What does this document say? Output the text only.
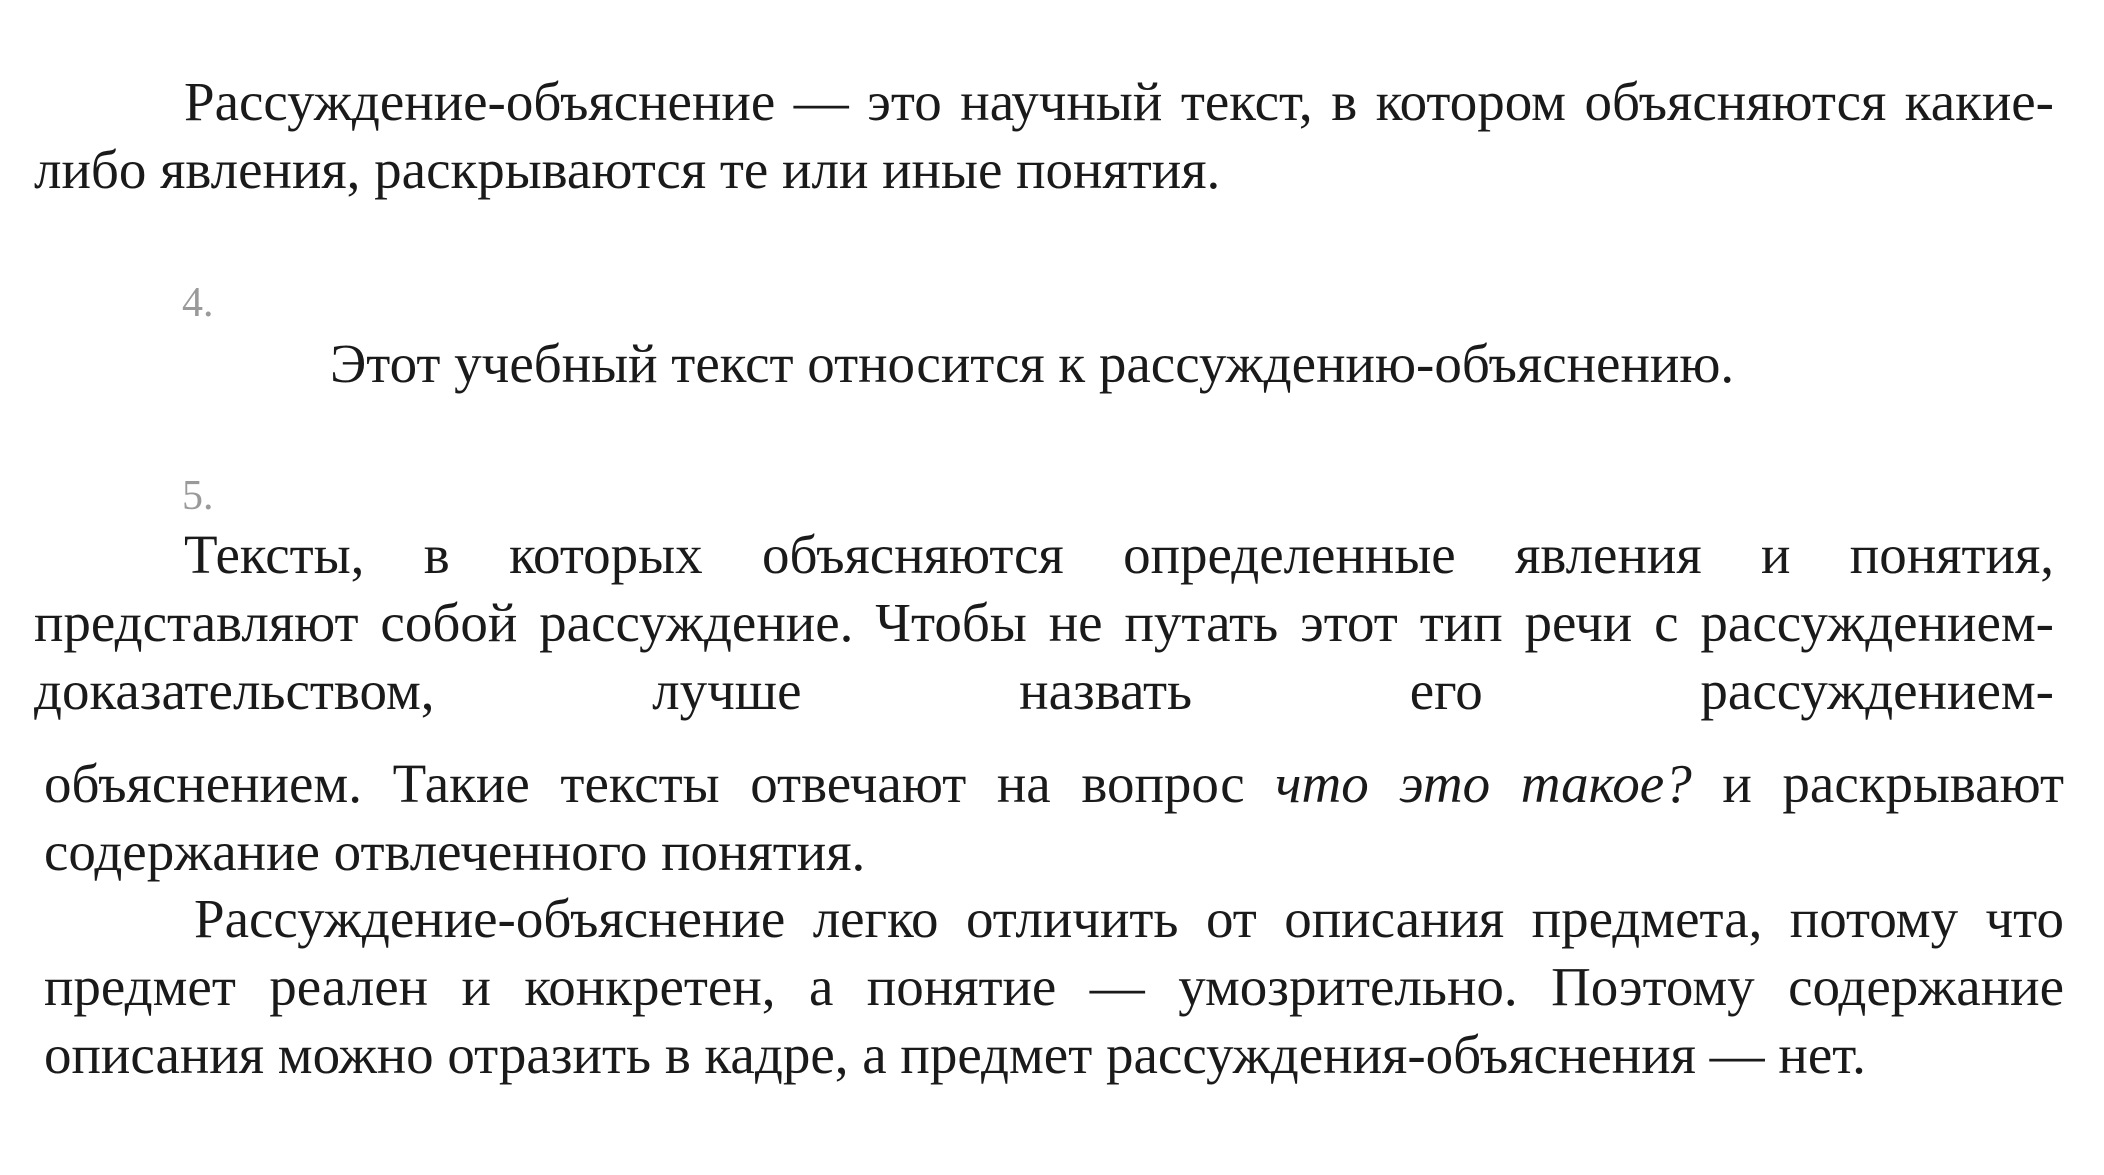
Рассуждение-объяснение — это научный текст, в котором объясняются какие-либо явления, раскрываются те или иные понятия.

4.
Этот учебный текст относится к рассуждению-объяснению.
5.

Тексты, в которых объясняются определенные явления и понятия, представляют собой рассуждение. Чтобы не путать этот тип речи с рассуждением-доказательством, лучше назвать его рассуждением-

объяснением. Такие тексты отвечают на вопрос что это такое? и раскрывают содержание отвлеченного понятия.

Рассуждение-объяснение легко отличить от описания предмета, потому что предмет реален и конкретен, а понятие — умозрительно. Поэтому содержание описания можно отразить в кадре, а предмет рассуждения-объяснения — нет.
